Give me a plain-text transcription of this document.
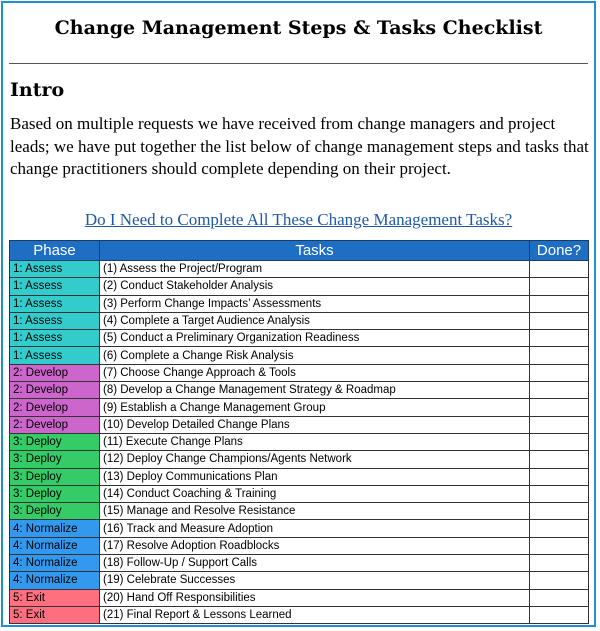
Change Management Steps & Tasks Checklist
Intro
Based on multiple requests we have received from change managers and project leads; we have put together the list below of change management steps and tasks that change practitioners should complete depending on their project.
Do I Need to Complete All These Change Management Tasks?
Phase	Tasks	Done?
1: Assess	(1) Assess the Project/Program	
1: Assess	(2) Conduct Stakeholder Analysis	
1: Assess	(3) Perform Change Impacts’ Assessments	
1: Assess	(4) Complete a Target Audience Analysis	
1: Assess	(5) Conduct a Preliminary Organization Readiness	
1: Assess	(6) Complete a Change Risk Analysis	
2: Develop	(7) Choose Change Approach & Tools	
2: Develop	(8) Develop a Change Management Strategy & Roadmap	
2: Develop	(9) Establish a Change Management Group	
2: Develop	(10) Develop Detailed Change Plans	
3: Deploy	(11) Execute Change Plans	
3: Deploy	(12) Deploy Change Champions/Agents Network	
3: Deploy	(13) Deploy Communications Plan	
3: Deploy	(14) Conduct Coaching & Training	
3: Deploy	(15) Manage and Resolve Resistance	
4: Normalize	(16) Track and Measure Adoption	
4: Normalize	(17) Resolve Adoption Roadblocks	
4: Normalize	(18) Follow-Up / Support Calls	
4: Normalize	(19) Celebrate Successes	
5: Exit	(20) Hand Off Responsibilities	
5: Exit	(21) Final Report & Lessons Learned	
